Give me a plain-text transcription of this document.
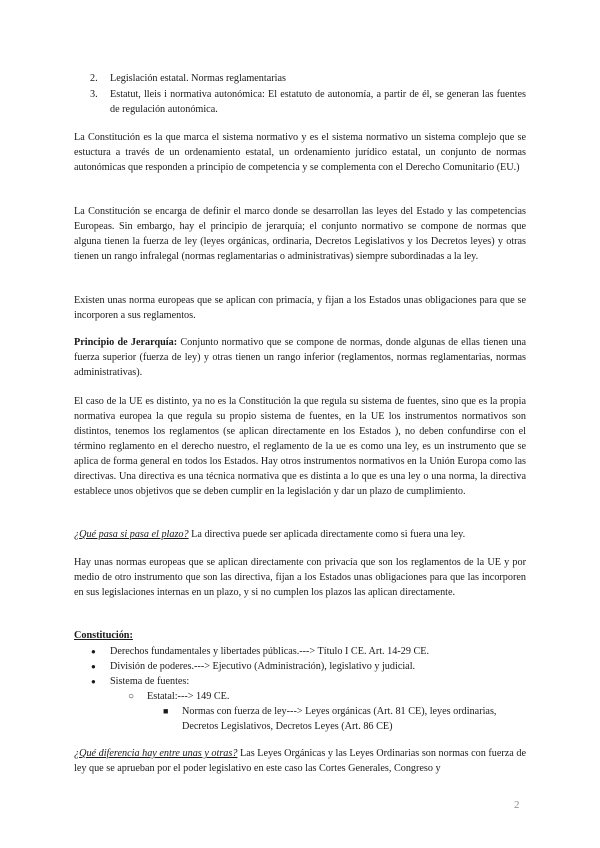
2.	Legislación estatal. Normas reglamentarias
3.	Estatut, lleis i normativa autonómica: El estatuto de autonomía, a partir de él, se generan las fuentes de regulación autonómica.

La Constitución es la que marca el sistema normativo y es el sistema normativo un sistema complejo que se estuctura a través de un ordenamiento estatal, un ordenamiento jurídico estatal, un conjunto de normas autonómicas que responden a principio de competencia y se complementa con el Derecho Comunitario (EU.)

La Constitución se encarga de definir el marco donde se desarrollan las leyes del Estado y las competencias Europeas. Sin embargo, hay el principio de jerarquía; el conjunto normativo se compone de normas que alguna tienen la fuerza de ley (leyes orgánicas, ordinaria, Decretos Legislativos y los Decretos leyes) y otras tienen un rango infralegal (normas reglamentarias o administrativas) siempre subordinadas a la ley.

Existen unas norma europeas que se aplican con primacía, y fijan a los Estados unas obligaciones para que se incorporen a sus reglamentos.

Principio de Jerarquía: Conjunto normativo que se compone de normas, donde algunas de ellas tienen una fuerza superior (fuerza de ley) y otras tienen un rango inferior (reglamentos, normas reglamentarias, normas administrativas).

El caso de la UE es distinto, ya no es la Constitución la que regula su sistema de fuentes, sino que es la propia normativa europea la que regula su propio sistema de fuentes, en la UE los instrumentos normativos son distintos, tenemos los reglamentos (se aplican directamente en los Estados ), no deben confundirse con el término reglamento en el derecho nuestro, el reglamento de la ue es como una ley, es un instrumento que se aplica de forma general en todos los Estados. Hay otros instrumentos normativos en la Unión Europa como las directivas. Una directiva es una técnica normativa que es distinta a lo que es una ley o una norma, la directiva establece unos objetivos que se deben cumplir en la legislación y dar un plazo de cumplimiento.

¿Qué pasa si pasa el plazo? La directiva puede ser aplicada directamente como si fuera una ley.

Hay unas normas europeas que se aplican directamente con privacía que son los reglamentos de la UE y por medio de otro instrumento que son las directiva, fijan a los Estados unas obligaciones para que las incorporen en sus legislaciones internas en un plazo, y si no cumplen los plazos las aplican directamente.

Constitución:
●	Derechos fundamentales y libertades públicas.---> Título I CE. Art. 14-29 CE.
●	División de poderes.---> Ejecutivo (Administración), legislativo y judicial.
●	Sistema de fuentes:
○	Estatal:---> 149 CE.
■	Normas con fuerza de ley---> Leyes orgánicas (Art. 81 CE), leyes ordinarias,
Decretos Legislativos, Decretos Leyes (Art. 86 CE)

¿Qué diferencia hay entre unas y otras? Las Leyes Orgánicas y las Leyes Ordinarias son normas con fuerza de ley que se aprueban por el poder legislativo en este caso las Cortes Generales, Congreso y

2
